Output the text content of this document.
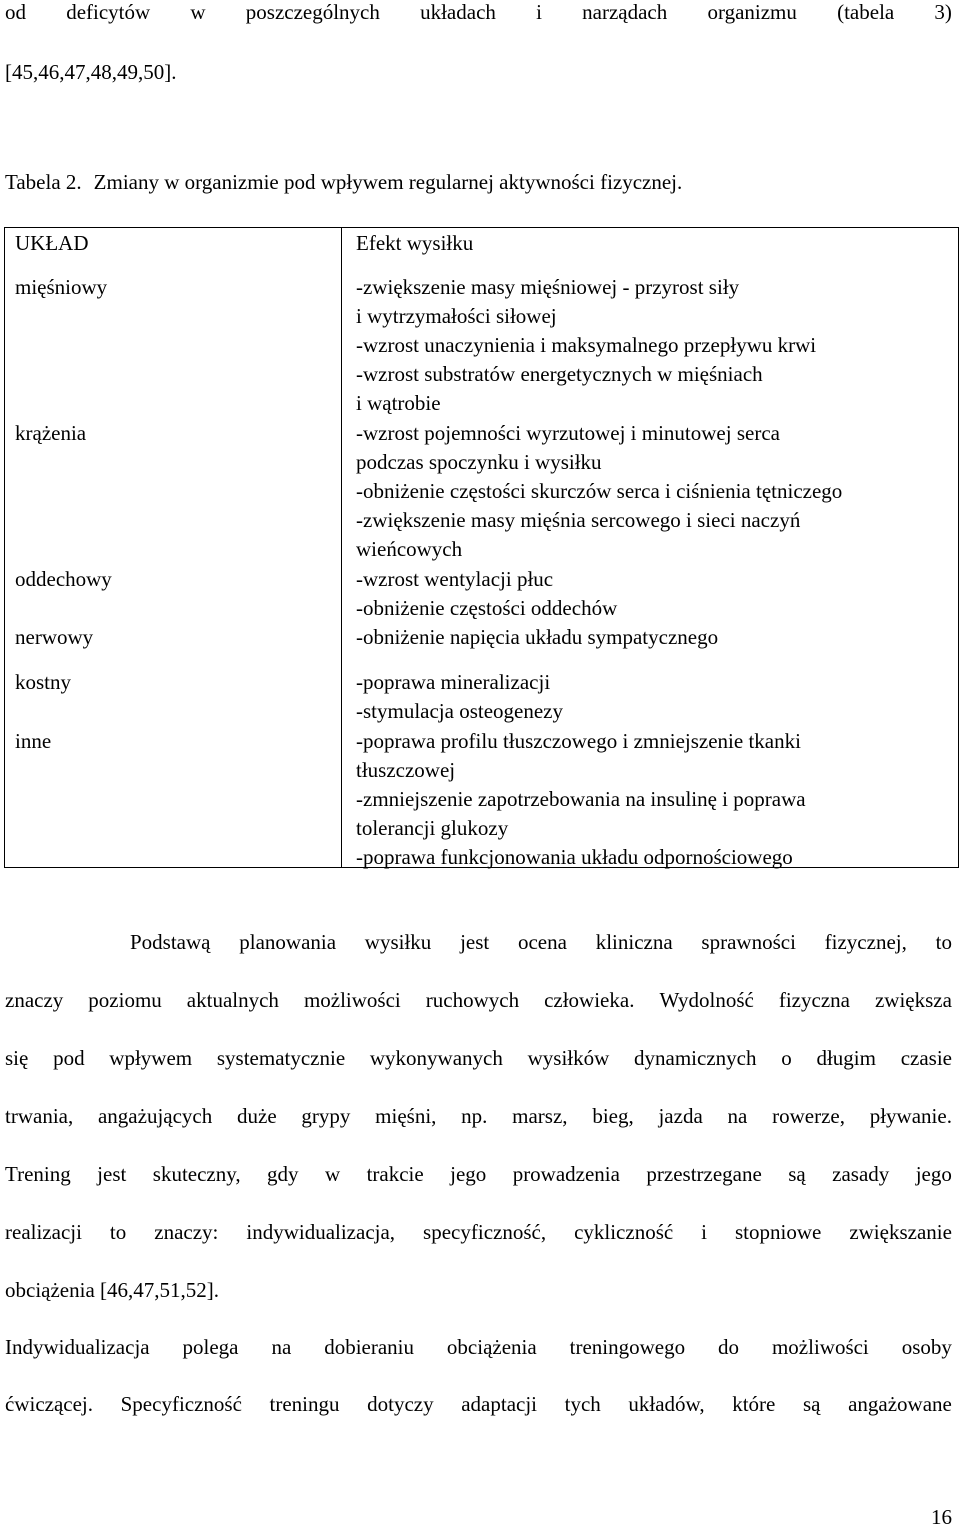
od deficytów w poszczególnych układach i narządach organizmu (tabela 3)
[45,46,47,48,49,50].
Tabela 2. Zmiany w organizmie pod wpływem regularnej aktywności fizycznej.
UKŁAD	Efekt wysiłku
mięśniowy	-zwiększenie masy mięśniowej - przyrost siły
i wytrzymałości siłowej
-wzrost unaczynienia i maksymalnego przepływu krwi
-wzrost substratów energetycznych w mięśniach
i wątrobie
krążenia	-wzrost pojemności wyrzutowej i minutowej serca
podczas spoczynku i wysiłku
-obniżenie częstości skurczów serca i ciśnienia tętniczego
-zwiększenie masy mięśnia sercowego i sieci naczyń
wieńcowych
oddechowy	-wzrost wentylacji płuc
-obniżenie częstości oddechów
nerwowy	-obniżenie napięcia układu sympatycznego
kostny	-poprawa mineralizacji
-stymulacja osteogenezy
inne	-poprawa profilu tłuszczowego i zmniejszenie tkanki
tłuszczowej
-zmniejszenie zapotrzebowania na insulinę i poprawa
tolerancji glukozy
-poprawa funkcjonowania układu odpornościowego
Podstawą planowania wysiłku jest ocena kliniczna sprawności fizycznej, to
znaczy poziomu aktualnych możliwości ruchowych człowieka. Wydolność fizyczna zwiększa
się pod wpływem systematycznie wykonywanych wysiłków dynamicznych o długim czasie
trwania, angażujących duże grypy mięśni, np. marsz, bieg, jazda na rowerze, pływanie.
Trening jest skuteczny, gdy w trakcie jego prowadzenia przestrzegane są zasady jego
realizacji to znaczy: indywidualizacja, specyficzność, cykliczność i stopniowe zwiększanie
obciążenia [46,47,51,52].
Indywidualizacja polega na dobieraniu obciążenia treningowego do możliwości osoby
ćwiczącej. Specyficzność treningu dotyczy adaptacji tych układów, które są angażowane
16
